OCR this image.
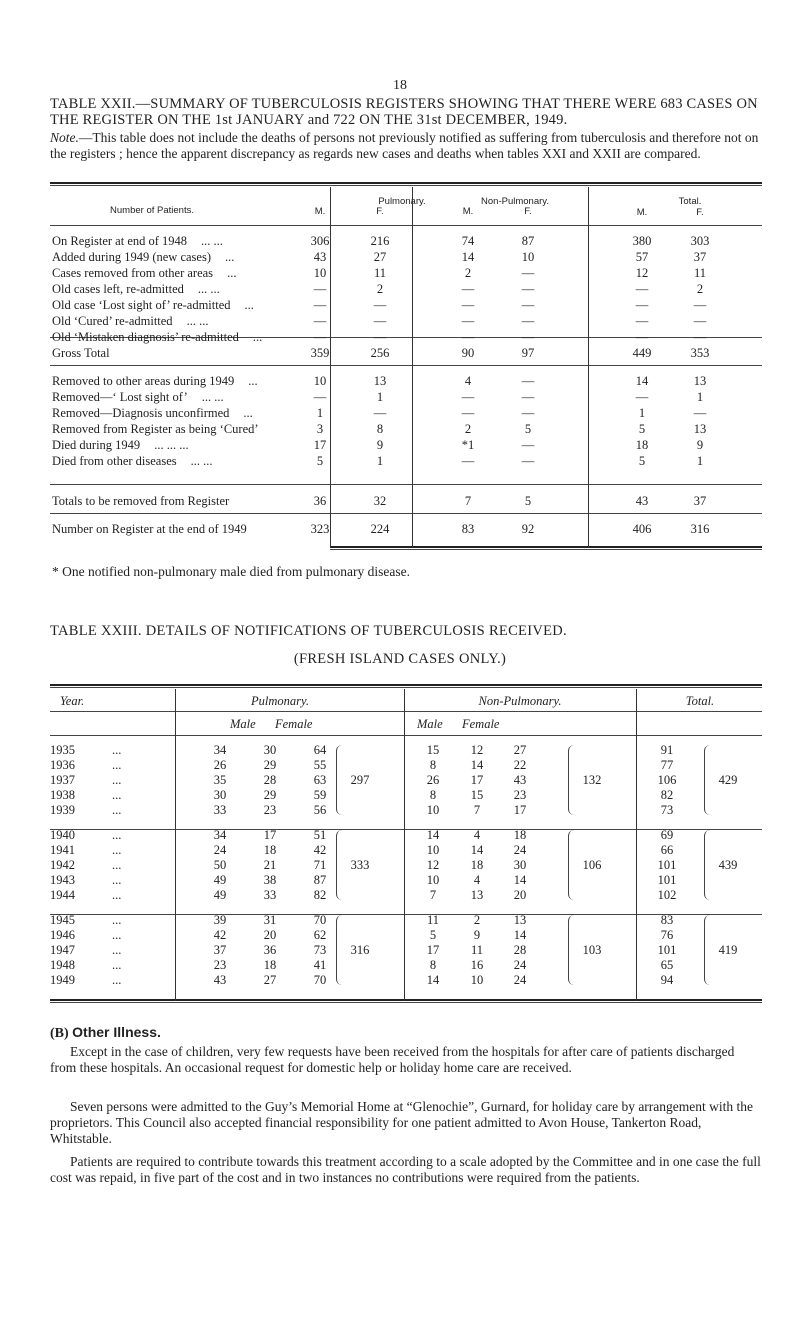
18
TABLE XXII.—SUMMARY OF TUBERCULOSIS REGISTERS SHOWING THAT THERE WERE 683 CASES ON THE REGISTER ON THE 1st JANUARY and 722 ON THE 31st DECEMBER, 1949.
Note.—This table does not include the deaths of persons not previously notified as suffering from tuberculosis and therefore not on the registers ; hence the apparent discrepancy as regards new cases and deaths when tables XXI and XXII are compared.
Number of Patients.
Pulmonary.	Non-Pulmonary.	Total.
M.	F.	M.	F.	M.	F.
On Register at end of 1948 ... ...	306	216	74	87	380	303
Added during 1949 (new cases) ...	43	27	14	10	57	37
Cases removed from other areas ...	10	11	2	—	12	11
Old cases left, re-admitted ... ...	—	2	—	—	—	2
Old case ‘Lost sight of’ re-admitted ...	—	—	—	—	—	—
Old ‘Cured’ re-admitted ... ...	—	—	—	—	—	—
Old ‘Mistaken diagnosis’ re-admitted ...	—	—	—	—	—	—
Gross Total	359	256	90	97	449	353
Removed to other areas during 1949 ...	10	13	4	—	14	13
Removed—‘ Lost sight of’ ... ...	—	1	—	—	—	1
Removed—Diagnosis unconfirmed ...	1	—	—	—	1	—
Removed from Register as being ‘Cured’	3	8	2	5	5	13
Died during 1949 ... ... ...	17	9	*1	—	18	9
Died from other diseases ... ...	5	1	—	—	5	1
Totals to be removed from Register	36	32	7	5	43	37
Number on Register at the end of 1949	323	224	83	92	406	316
* One notified non-pulmonary male died from pulmonary disease.
TABLE XXIII. DETAILS OF NOTIFICATIONS OF TUBERCULOSIS RECEIVED.
(FRESH ISLAND CASES ONLY.)
Year.	Pulmonary.	Non-Pulmonary.	Total.
Male Female	Male Female
1935	...	34	30	64	15	12	27	91
1936	...	26	29	55	8	14	22	77
1937	...	35	28	63	26	17	43	106
1938	...	30	29	59	8	15	23	82
1939	...	33	23	56	10	7	17	73
297	132	429
1940	...	34	17	51	14	4	18	69
1941	...	24	18	42	10	14	24	66
1942	...	50	21	71	12	18	30	101
1943	...	49	38	87	10	4	14	101
1944	...	49	33	82	7	13	20	102
333	106	439
1945	...	39	31	70	11	2	13	83
1946	...	42	20	62	5	9	14	76
1947	...	37	36	73	17	11	28	101
1948	...	23	18	41	8	16	24	65
1949	...	43	27	70	14	10	24	94
316	103	419
(B) Other Illness.
Except in the case of children, very few requests have been received from the hospitals for after care of patients discharged from these hospitals. An occasional request for domestic help or holiday home care are received.
Seven persons were admitted to the Guy’s Memorial Home at “Glenochie”, Gurnard, for holiday care by arrangement with the proprietors. This Council also accepted financial responsibility for one patient admitted to Avon House, Tankerton Road, Whitstable.
Patients are required to contribute towards this treatment according to a scale adopted by the Committee and in one case the full cost was repaid, in five part of the cost and in two instances no contributions were required from the patients.
